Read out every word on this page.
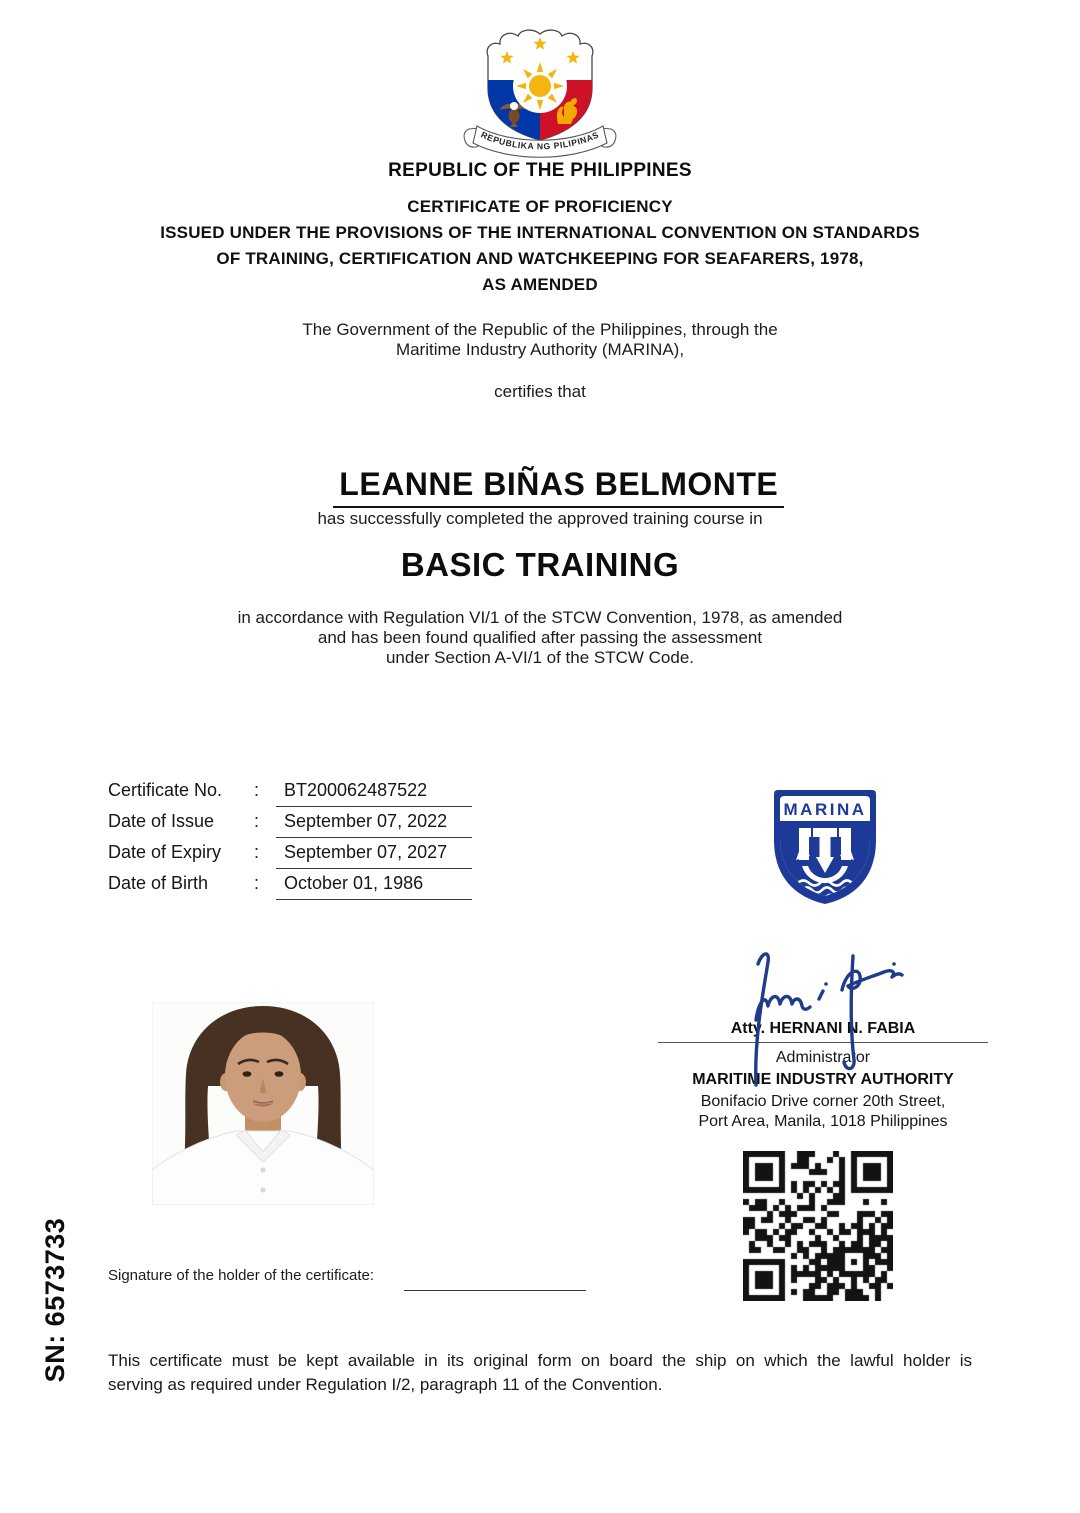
REPUBLIKA NG PILIPINAS
REPUBLIC OF THE PHILIPPINES
CERTIFICATE OF PROFICIENCY
ISSUED UNDER THE PROVISIONS OF THE INTERNATIONAL CONVENTION ON STANDARDS
OF TRAINING, CERTIFICATION AND WATCHKEEPING FOR SEAFARERS, 1978,
AS AMENDED
The Government of the Republic of the Philippines, through the
Maritime Industry Authority (MARINA),
certifies that

LEANNE BIÑAS BELMONTE

has successfully completed the approved training course in
BASIC TRAINING
in accordance with Regulation VI/1 of the STCW Convention, 1978, as amended
and has been found qualified after passing the assessment
under Section A-VI/1 of the STCW Code.
Certificate No.	:	BT200062487522
Date of Issue	:	September 07, 2022
Date of Expiry	:	September 07, 2027
Date of Birth	:	October 01, 1986
MARINA
Atty. HERNANI N. FABIA
Administrator
MARITIME INDUSTRY AUTHORITY
Bonifacio Drive corner 20th Street,
Port Area, Manila, 1018 Philippines
Signature of the holder of the certificate:
SN: 6573733 This certificate must be kept available in its original form on board the ship on which the lawful holder is
serving as required under Regulation I/2, paragraph 11 of the Convention.
